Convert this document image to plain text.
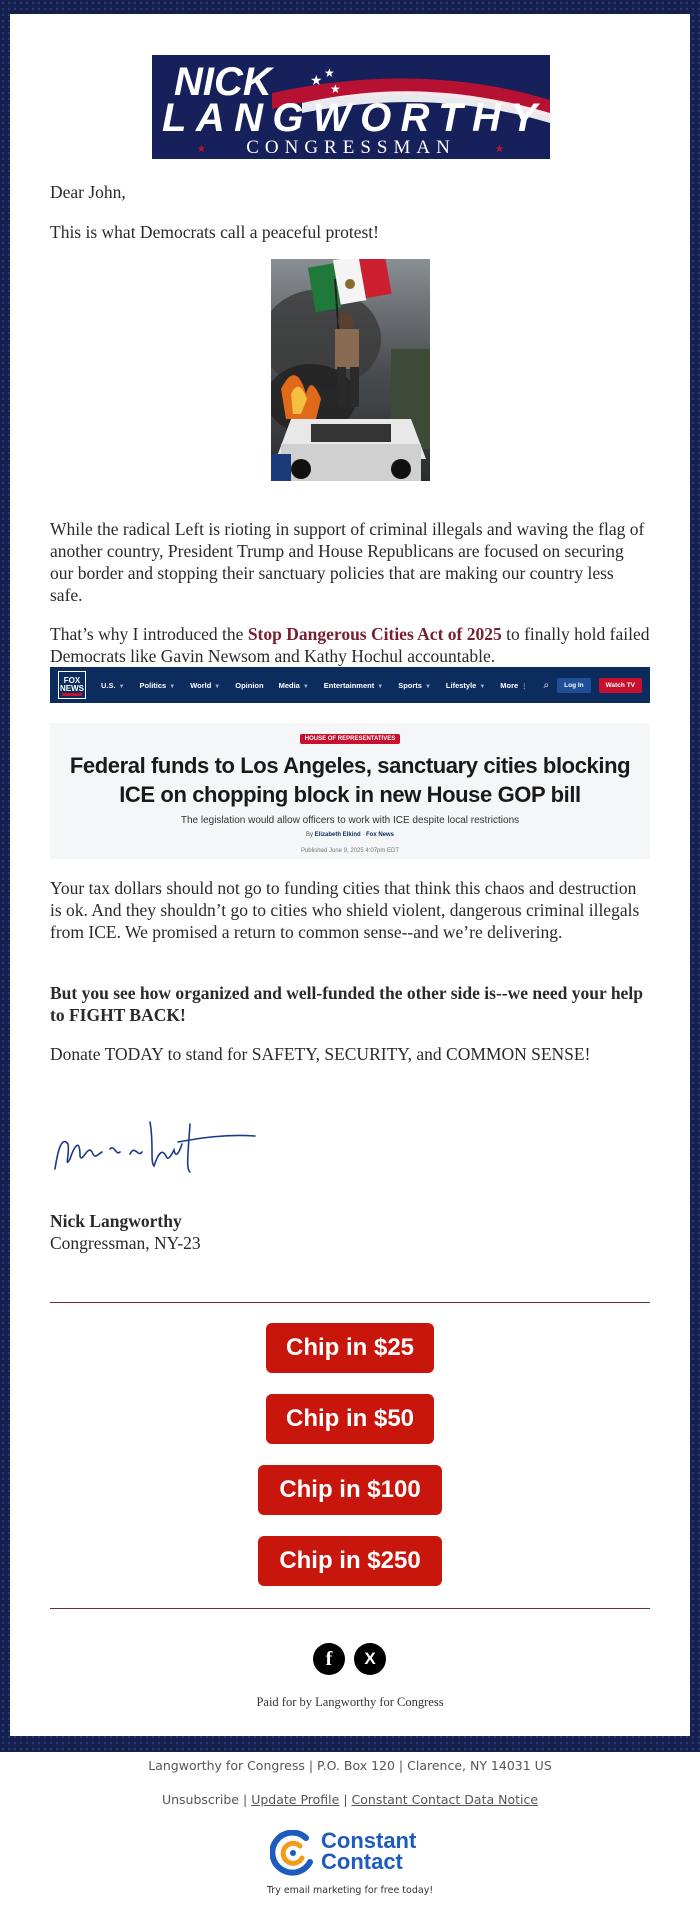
★ ★
★
NICK
LANGWORTHY
CONGRESSMAN
★	★

Dear John,

This is what Democrats call a peaceful protest!

While the radical Left is rioting in support of criminal illegals and waving the flag of another country, President Trump and House Republicans are focused on securing our border and stopping their sanctuary policies that are making our country less safe.

That’s why I introduced the Stop Dangerous Cities Act of 2025 to finally hold failed Democrats like Gavin Newsom and Kathy Hochul accountable.

FOX
NEWS U.S. ▼ Politics ▼ World ▼ Opinion Media ▼ Entertainment ▼ Sports ▼ Lifestyle ▼ More ⋮ ⌕	Log In	Watch TV
HOUSE OF REPRESENTATIVES
Federal funds to Los Angeles, sanctuary cities blocking ICE on chopping block in new House GOP bill
The legislation would allow officers to work with ICE despite local restrictions
By Elizabeth Elkind · Fox News
Published June 9, 2025 4:07pm EDT

Your tax dollars should not go to funding cities that think this chaos and destruction is ok. And they shouldn’t go to cities who shield violent, dangerous criminal illegals from ICE. We promised a return to common sense--and we’re delivering.

But you see how organized and well-funded the other side is--we need your help to FIGHT BACK!

Donate TODAY to stand for SAFETY, SECURITY, and COMMON SENSE!

Nick Langworthy
Congressman, NY-23

Chip in $25
Chip in $50
Chip in $100
Chip in $250
f	X
Paid for by Langworthy for Congress
Langworthy for Congress | P.O. Box 120 | Clarence, NY 14031 US
Unsubscribe | Update Profile | Constant Contact Data Notice
Constant
Contact
Try email marketing for free today!
